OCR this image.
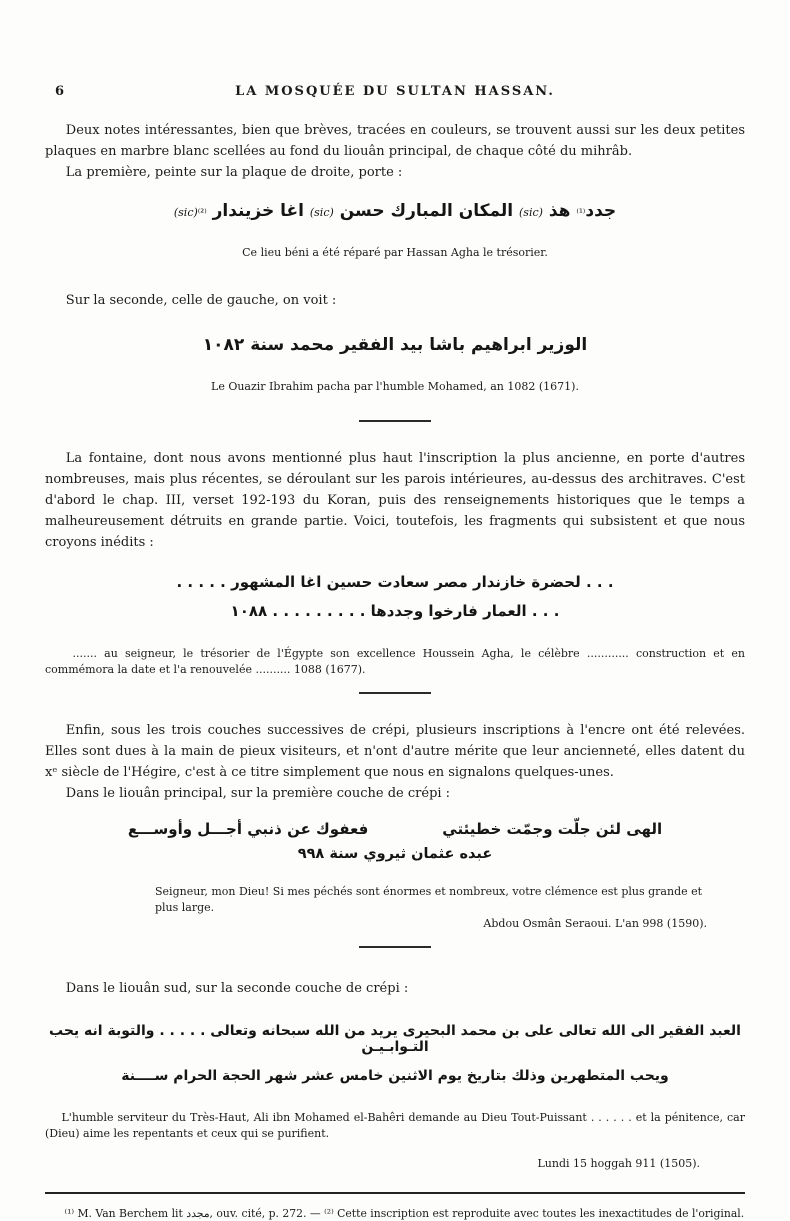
6	LA MOSQUÉE DU SULTAN HASSAN.

Deux notes intéressantes, bien que brèves, tracées en couleurs, se trouvent aussi sur les deux petites plaques en marbre blanc scellées au fond du liouân principal, de chaque côté du mihrâb.

La première, peinte sur la plaque de droite, porte :

جدد⁽¹⁾ هذ (sic) المكان المبارك حسن (sic) اغا خزيندار (sic)⁽²⁾

Ce lieu béni a été réparé par Hassan Agha le trésorier.

Sur la seconde, celle de gauche, on voit :

الوزير ابراهيم باشا بيد الفقير محمد سنة ١٠٨٢

Le Ouazir Ibrahim pacha par l'humble Mohamed, an 1082 (1671).

La fontaine, dont nous avons mentionné plus haut l'inscription la plus ancienne, en porte d'autres nombreuses, mais plus récentes, se déroulant sur les parois intérieures, au-dessus des architraves. C'est d'abord le chap. III, verset 192-193 du Koran, puis des renseignements historiques que le temps a malheureusement détruits en grande partie. Voici, toutefois, les fragments qui subsistent et que nous croyons inédits :

. . . لحضرة خازندار مصر سعادت حسين اغا المشهور . . . . .

. . . العمار فارخوا وجددها . . . . . . . . . ١٠٨٨

....... au seigneur, le trésorier de l'Égypte son excellence Houssein Agha, le célèbre ............ construction et en commémora la date et l'a renouvelée .......... 1088 (1677).

Enfin, sous les trois couches successives de crépi, plusieurs inscriptions à l'encre ont été relevées. Elles sont dues à la main de pieux visiteurs, et n'ont d'autre mérite que leur ancienneté, elles datent du xᵉ siècle de l'Hégire, c'est à ce titre simplement que nous en signalons quelques-unes.

Dans le liouân principal, sur la première couche de crépi :

الهى لئن جلّت وجمّت خطيئتي
فعفوك عن ذنبي أجـــل وأوســـع

عبده عثمان ثيروي سنة ٩٩٨

Seigneur, mon Dieu! Si mes péchés sont énormes et nombreux, votre clémence est plus grande et plus large.

Abdou Osmân Seraoui. L'an 998 (1590).

Dans le liouân sud, sur la seconde couche de crépi :

العبد الفقير الى الله تعالى على بن محمد البحيرى يريد من الله سبحانه وتعالى . . . . . والتوبة انه يحب التـوابـيـن

ويحب المتطهرين وذلك بتاريخ يوم الاثنين خامس عشر شهر الحجة الحرام ســــنة

L'humble serviteur du Très-Haut, Ali ibn Mohamed el-Bahêri demande au Dieu Tout-Puissant . . . . . . et la pénitence, car (Dieu) aime les repentants et ceux qui se purifient.

Lundi 15 hoggah 911 (1505).

⁽¹⁾ M. Van Berchem lit مجدد, ouv. cité, p. 272. — ⁽²⁾ Cette inscription est reproduite avec toutes les inexactitudes de l'original.
